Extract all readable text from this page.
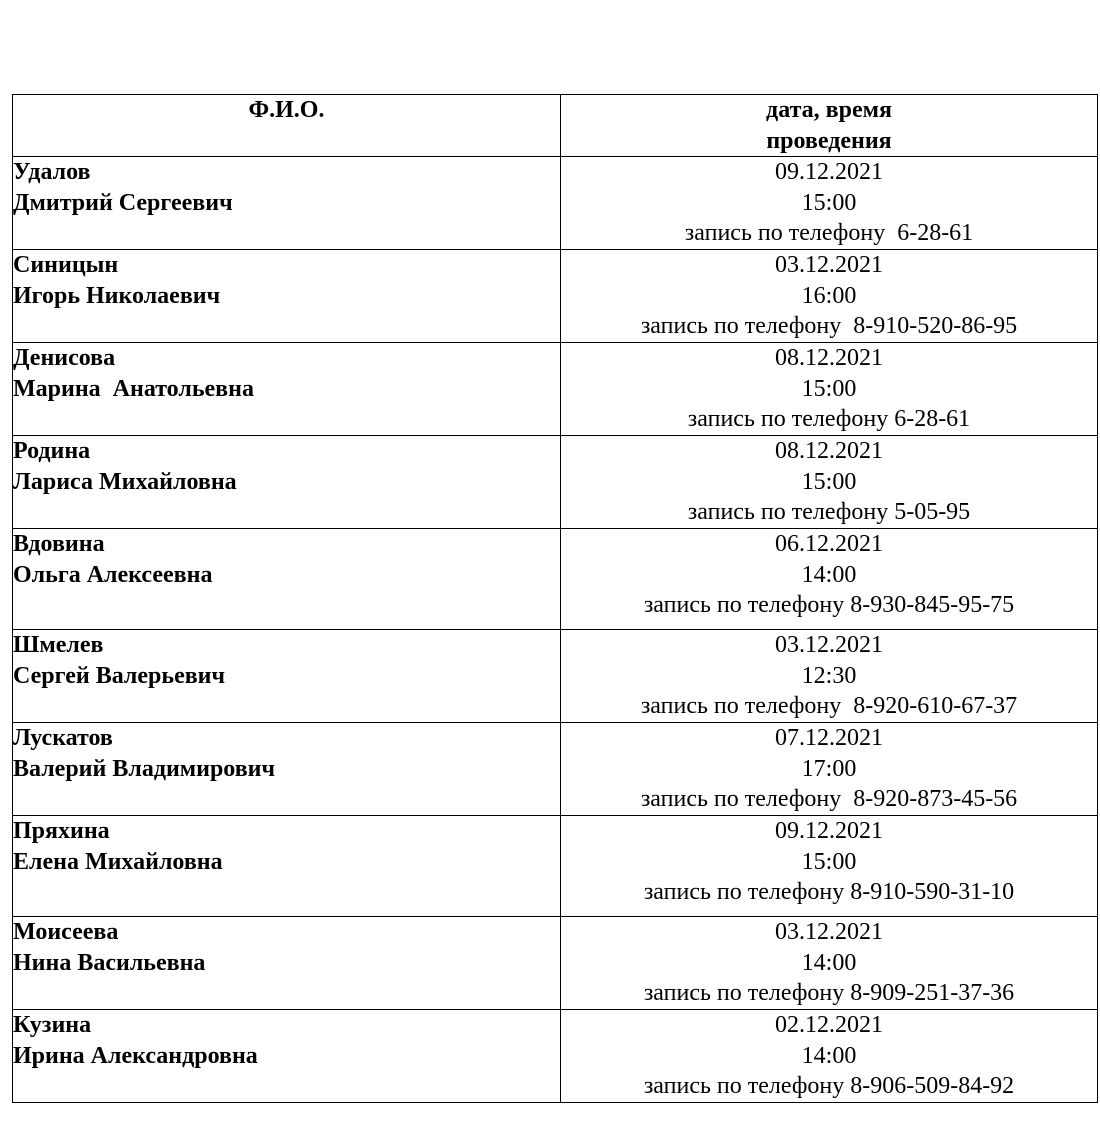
Ф.И.О.	дата, время
проведения

Удалов
Дмитрий Сергеевич	09.12.2021
15:00
запись по телефону  6-28-61

Синицын
Игорь Николаевич	03.12.2021
16:00
запись по телефону  8-910-520-86-95

Денисова
Марина  Анатольевна	08.12.2021
15:00
запись по телефону 6-28-61

Родина
Лариса Михайловна	08.12.2021
15:00
запись по телефону 5-05-95

Вдовина
Ольга Алексеевна	06.12.2021
14:00
запись по телефону 8-930-845-95-75

Шмелев
Сергей Валерьевич	03.12.2021
12:30
запись по телефону  8-920-610-67-37

Лускатов
Валерий Владимирович	07.12.2021
17:00
запись по телефону  8-920-873-45-56

Пряхина
Елена Михайловна	09.12.2021
15:00
запись по телефону 8-910-590-31-10

Моисеева
Нина Васильевна	03.12.2021
14:00
запись по телефону 8-909-251-37-36

Кузина
Ирина Александровна	02.12.2021
14:00
запись по телефону 8-906-509-84-92
